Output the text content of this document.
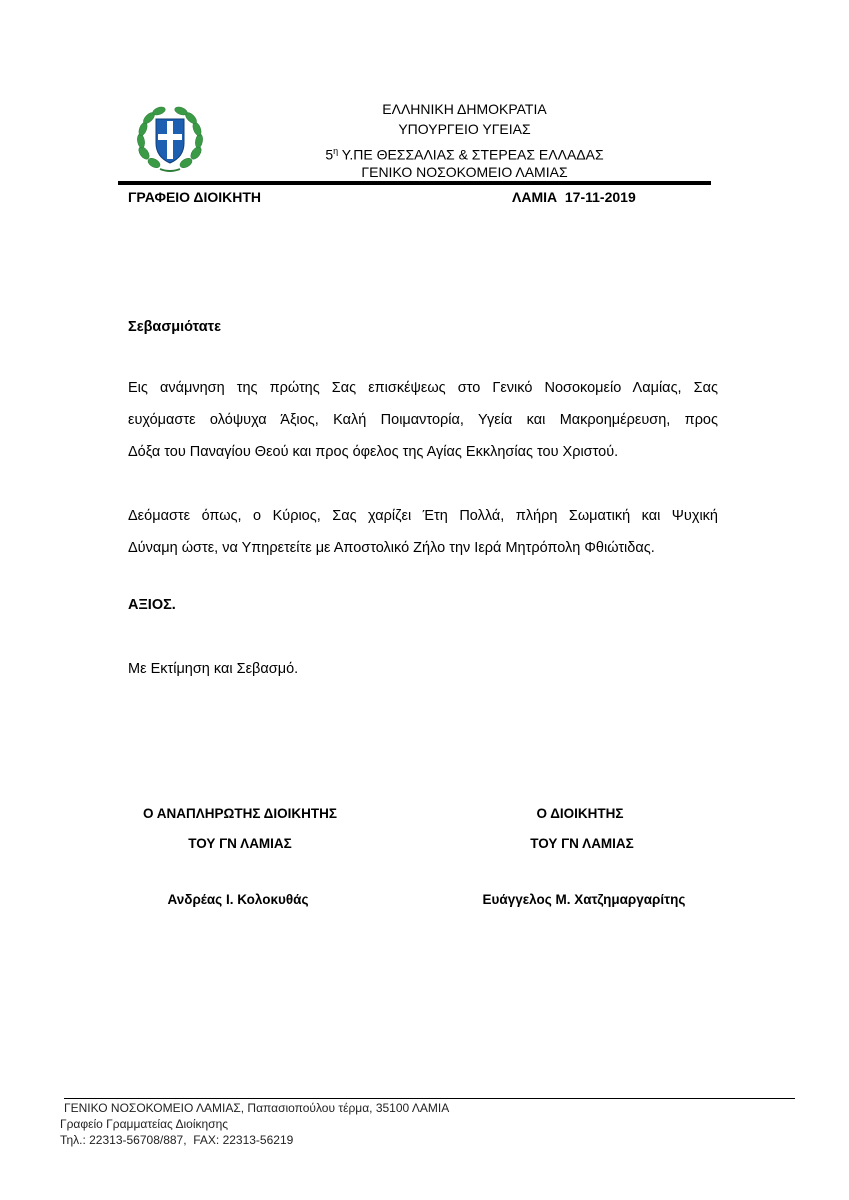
ΕΛΛΗΝΙΚΗ ΔΗΜΟΚΡΑΤΙΑ
ΥΠΟΥΡΓΕΙΟ ΥΓΕΙΑΣ
$5^\eta$ Υ.ΠΕ ΘΕΣΣΑΛΙΑΣ & ΣΤΕΡΕΑΣ ΕΛΛΑΔΑΣ
ΓΕΝΙΚΟ ΝΟΣΟΚΟΜΕΙΟ ΛΑΜΙΑΣ
ΓΡΑΦΕΙΟ ΔΙΟΙΚΗΤΗ	ΛΑΜΙΑ  17-11-2019
Σεβασμιότατε
Εις ανάμνηση της πρώτης Σας επισκέψεως στο Γενικό Νοσοκομείο Λαμίας, Σας
ευχόμαστε ολόψυχα Άξιος, Καλή Ποιμαντορία, Υγεία και Μακροημέρευση, προς
Δόξα του Παναγίου Θεού και προς όφελος της Αγίας Εκκλησίας του Χριστού.
Δεόμαστε όπως, ο Κύριος, Σας χαρίζει Έτη Πολλά, πλήρη Σωματική και Ψυχική
Δύναμη ώστε, να Υπηρετείτε με Αποστολικό Ζήλο την Ιερά Μητρόπολη Φθιώτιδας.
ΑΞΙΟΣ.
Με Εκτίμηση και Σεβασμό.
Ο ΑΝΑΠΛΗΡΩΤΗΣ ΔΙΟΙΚΗΤΗΣ
ΤΟΥ ΓΝ ΛΑΜΙΑΣ
Ανδρέας Ι. Κολοκυθάς
Ο ΔΙΟΙΚΗΤΗΣ
ΤΟΥ ΓΝ ΛΑΜΙΑΣ
Ευάγγελος Μ. Χατζημαργαρίτης
ΓΕΝΙΚΟ ΝΟΣΟΚΟΜΕΙΟ ΛΑΜΙΑΣ, Παπασιοπούλου τέρμα, 35100 ΛΑΜΙΑ
Γραφείο Γραμματείας Διοίκησης
Τηλ.: 22313-56708/887,  FAX: 22313-56219
